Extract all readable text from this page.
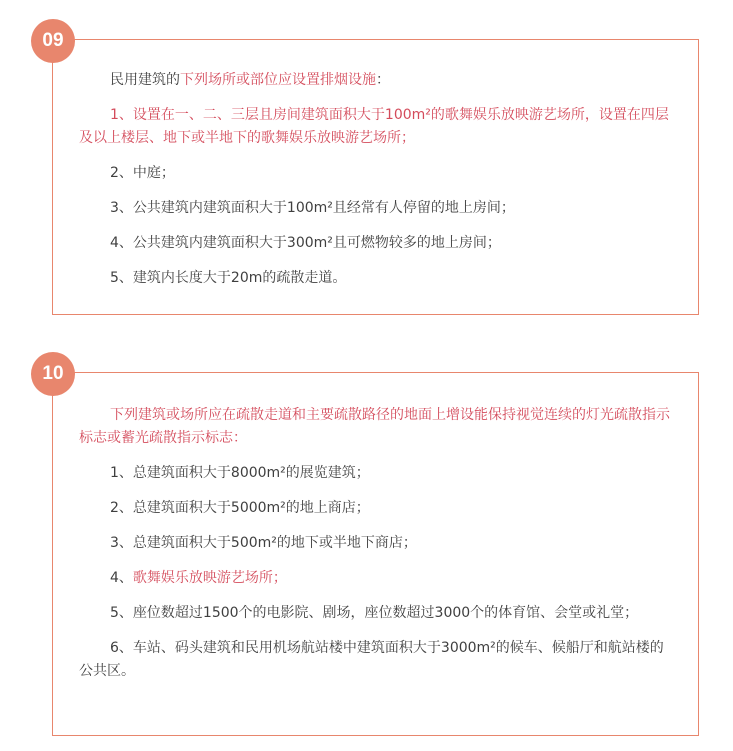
09

民用建筑的下列场所或部位应设置排烟设施：

1、设置在一、二、三层且房间建筑面积大于100m²的歌舞娱乐放映游艺场所，设置在四层及以上楼层、地下或半地下的歌舞娱乐放映游艺场所；

2、中庭；

3、公共建筑内建筑面积大于100m²且经常有人停留的地上房间；

4、公共建筑内建筑面积大于300m²且可燃物较多的地上房间；

5、建筑内长度大于20m的疏散走道。

10

下列建筑或场所应在疏散走道和主要疏散路径的地面上增设能保持视觉连续的灯光疏散指示标志或蓄光疏散指示标志：

1、总建筑面积大于8000m²的展览建筑；

2、总建筑面积大于5000m²的地上商店；

3、总建筑面积大于500m²的地下或半地下商店；

4、歌舞娱乐放映游艺场所；

5、座位数超过1500个的电影院、剧场，座位数超过3000个的体育馆、会堂或礼堂；

6、车站、码头建筑和民用机场航站楼中建筑面积大于3000m²的候车、候船厅和航站楼的公共区。
